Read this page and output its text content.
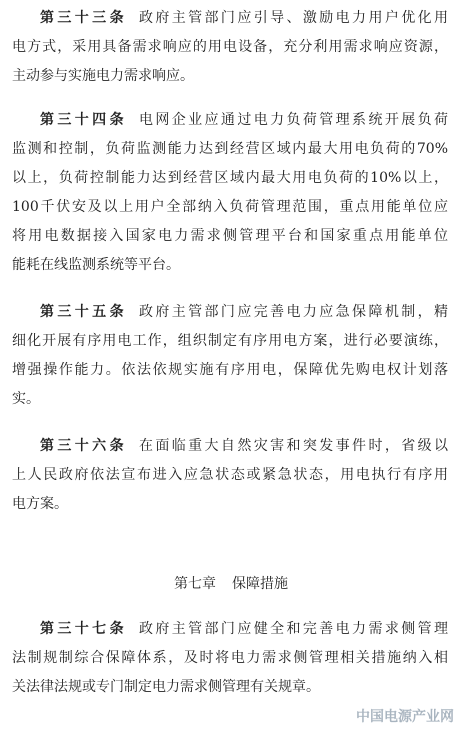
第三十三条 政府主管部门应引导、激励电力用户优化用
电方式，采用具备需求响应的用电设备，充分利用需求响应资源，
主动参与实施电力需求响应。
第三十四条 电网企业应通过电力负荷管理系统开展负荷
监测和控制，负荷监测能力达到经营区域内最大用电负荷的70%
以上，负荷控制能力达到经营区域内最大用电负荷的10%以上，
100千伏安及以上用户全部纳入负荷管理范围，重点用能单位应
将用电数据接入国家电力需求侧管理平台和国家重点用能单位
能耗在线监测系统等平台。
第三十五条 政府主管部门应完善电力应急保障机制，精
细化开展有序用电工作，组织制定有序用电方案，进行必要演练，
增强操作能力。依法依规实施有序用电，保障优先购电权计划落
实。
第三十六条 在面临重大自然灾害和突发事件时，省级以
上人民政府依法宣布进入应急状态或紧急状态，用电执行有序用
电方案。
第七章 保障措施
第三十七条 政府主管部门应健全和完善电力需求侧管理
法制规制综合保障体系，及时将电力需求侧管理相关措施纳入相
关法律法规或专门制定电力需求侧管理有关规章。
中国电源产业网
